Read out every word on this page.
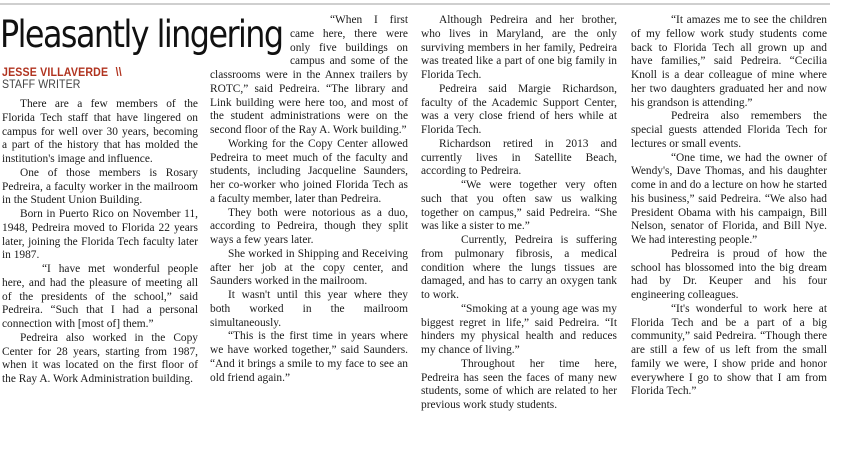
Pleasantly lingering
JESSE VILLAVERDE \\
STAFF WRITER

There are a few members of the Florida Tech staff that have lingered on campus for well over 30 years, becoming a part of the history that has molded the institution's image and influence.

One of those members is Rosary Pedreira, a faculty worker in the mailroom in the Student Union Building.

Born in Puerto Rico on November 11, 1948, Pedreira moved to Florida 22 years later, joining the Florida Tech faculty later in 1987.

“I have met wonderful people here, and had the pleasure of meeting all of the presidents of the school,” said Pedreira. “Such that I had a personal connection with [most of] them.”

Pedreira also worked in the Copy Center for 28 years, starting from 1987, when it was located on the first floor of the Ray A. Work Administration building.

“When I first came here, there were only five buildings on campus and some of the classrooms were in the Annex trailers by ROTC,” said Pedreira. “The library and Link building were here too, and most of the student administrations were on the second floor of the Ray A. Work building.”

Working for the Copy Center allowed Pedreira to meet much of the faculty and students, including Jacqueline Saunders, her co-worker who joined Florida Tech as a faculty member, later than Pedreira.

They both were notorious as a duo, according to Pedreira, though they split ways a few years later.

She worked in Shipping and Receiving after her job at the copy center, and Saunders worked in the mailroom.

It wasn't until this year where they both worked in the mailroom simultaneously.

“This is the first time in years where we have worked together,” said Saunders. “And it brings a smile to my face to see an old friend again.”

Although Pedreira and her brother, who lives in Maryland, are the only surviving members in her family, Pedreira was treated like a part of one big family in Florida Tech.

Pedreira said Margie Richardson, faculty of the Academic Support Center, was a very close friend of hers while at Florida Tech.

Richardson retired in 2013 and currently lives in Satellite Beach, according to Pedreira.

“We were together very often such that you often saw us walking together on campus,” said Pedreira. “She was like a sister to me.”

Currently, Pedreira is suffering from pulmonary fibrosis, a medical condition where the lungs tissues are damaged, and has to carry an oxygen tank to work.

“Smoking at a young age was my biggest regret in life,” said Pedreira. “It hinders my physical health and reduces my chance of living.”

Throughout her time here, Pedreira has seen the faces of many new students, some of which are related to her previous work study students.

“It amazes me to see the children of my fellow work study students come back to Florida Tech all grown up and have families,” said Pedreira. “Cecilia Knoll is a dear colleague of mine where her two daughters graduated her and now his grandson is attending.”

Pedreira also remembers the special guests attended Florida Tech for lectures or small events.

“One time, we had the owner of Wendy's, Dave Thomas, and his daughter come in and do a lecture on how he started his business,” said Pedreira. “We also had President Obama with his campaign, Bill Nelson, senator of Florida, and Bill Nye. We had interesting people.”

Pedreira is proud of how the school has blossomed into the big dream had by Dr. Keuper and his four engineering colleagues.

“It's wonderful to work here at Florida Tech and be a part of a big community,” said Pedreira. “Though there are still a few of us left from the small family we were, I show pride and honor everywhere I go to show that I am from Florida Tech.”
